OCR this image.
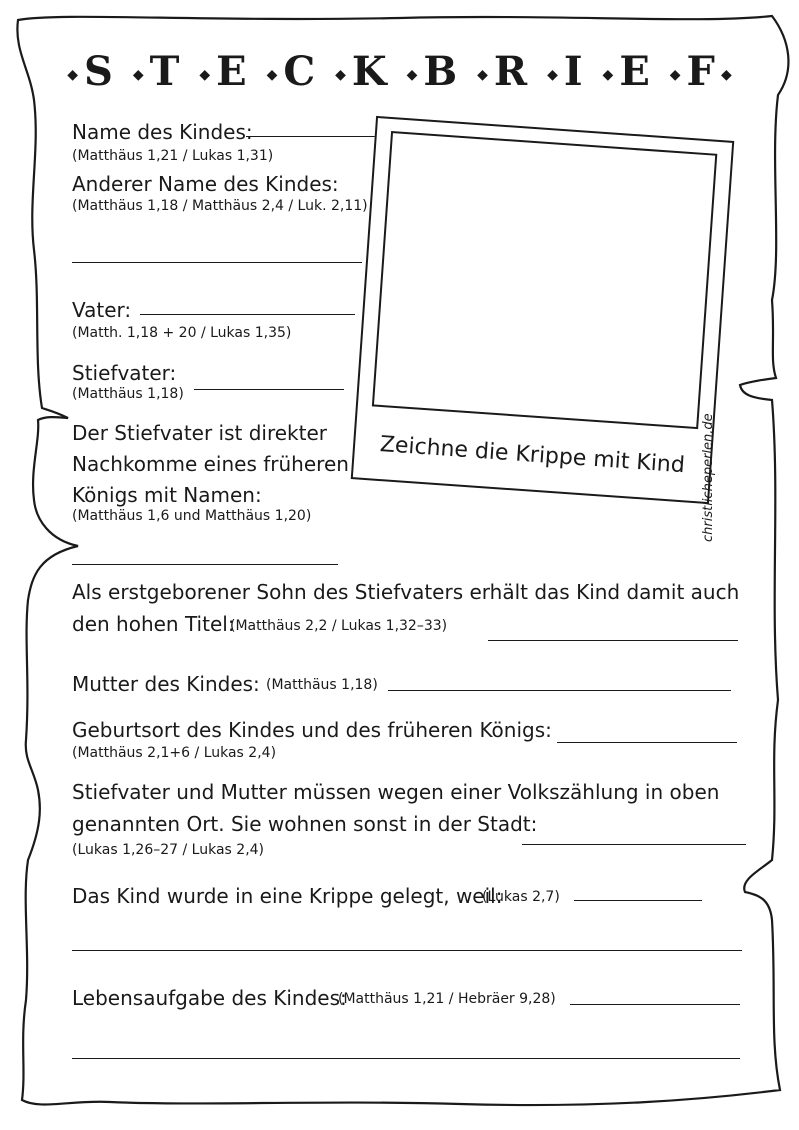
◆ S ◆ T ◆ E ◆ C ◆ K ◆ B ◆ R ◆ I ◆ E ◆ F ◆
Name des Kindes:
(Matthäus 1,21 / Lukas 1,31)
Anderer Name des Kindes:
(Matthäus 1,18 / Matthäus 2,4 / Luk. 2,11)
Vater:
(Matth. 1,18 + 20 / Lukas 1,35)
Stiefvater:
(Matthäus 1,18)
Der Stiefvater ist direkter
Nachkomme eines früheren
Königs mit Namen:
(Matthäus 1,6 und Matthäus 1,20)
Zeichne die Krippe mit Kind	christlicheperlen.de
Als erstgeborener Sohn des Stiefvaters erhält das Kind damit auch
den hohen Titel:
(Matthäus 2,2 / Lukas 1,32–33)
Mutter des Kindes: (Matthäus 1,18)
Geburtsort des Kindes und des früheren Königs:
(Matthäus 2,1+6 / Lukas 2,4)
Stiefvater und Mutter müssen wegen einer Volkszählung in oben
genannten Ort. Sie wohnen sonst in der Stadt:
(Lukas 1,26–27 / Lukas 2,4)
Das Kind wurde in eine Krippe gelegt, weil:
(Lukas 2,7)
Lebensaufgabe des Kindes:
(Matthäus 1,21 / Hebräer 9,28)
